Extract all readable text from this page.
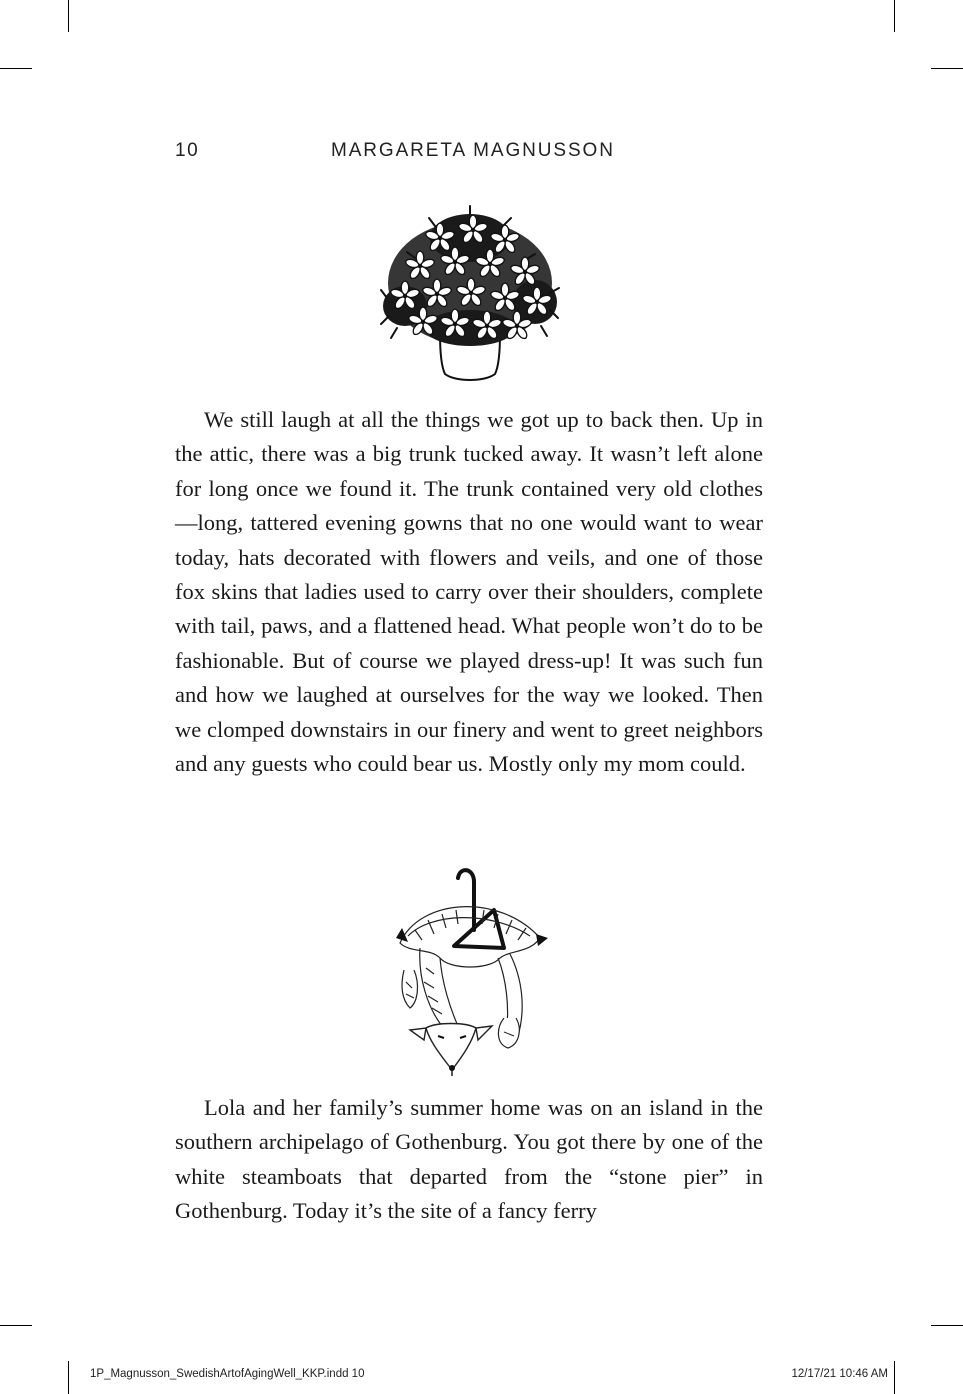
10	MARGARETA MAGNUSSON

We still laugh at all the things we got up to back then. Up in the attic, there was a big trunk tucked away. It wasn’t left alone for long once we found it. The trunk contained very old clothes—long, tattered evening gowns that no one would want to wear today, hats decorated with flowers and veils, and one of those fox skins that ladies used to carry over their shoulders, complete with tail, paws, and a flattened head. What people won’t do to be fashionable. But of course we played dress-up! It was such fun and how we laughed at ourselves for the way we looked. Then we clomped downstairs in our finery and went to greet neighbors and any guests who could bear us. Mostly only my mom could.

Lola and her family’s summer home was on an island in the southern archipelago of Gothenburg. You got there by one of the white steamboats that departed from the “stone pier” in Gothenburg. Today it’s the site of a fancy ferry

1P_Magnusson_SwedishArtofAgingWell_KKP.indd 10	12/17/21 10:46 AM
